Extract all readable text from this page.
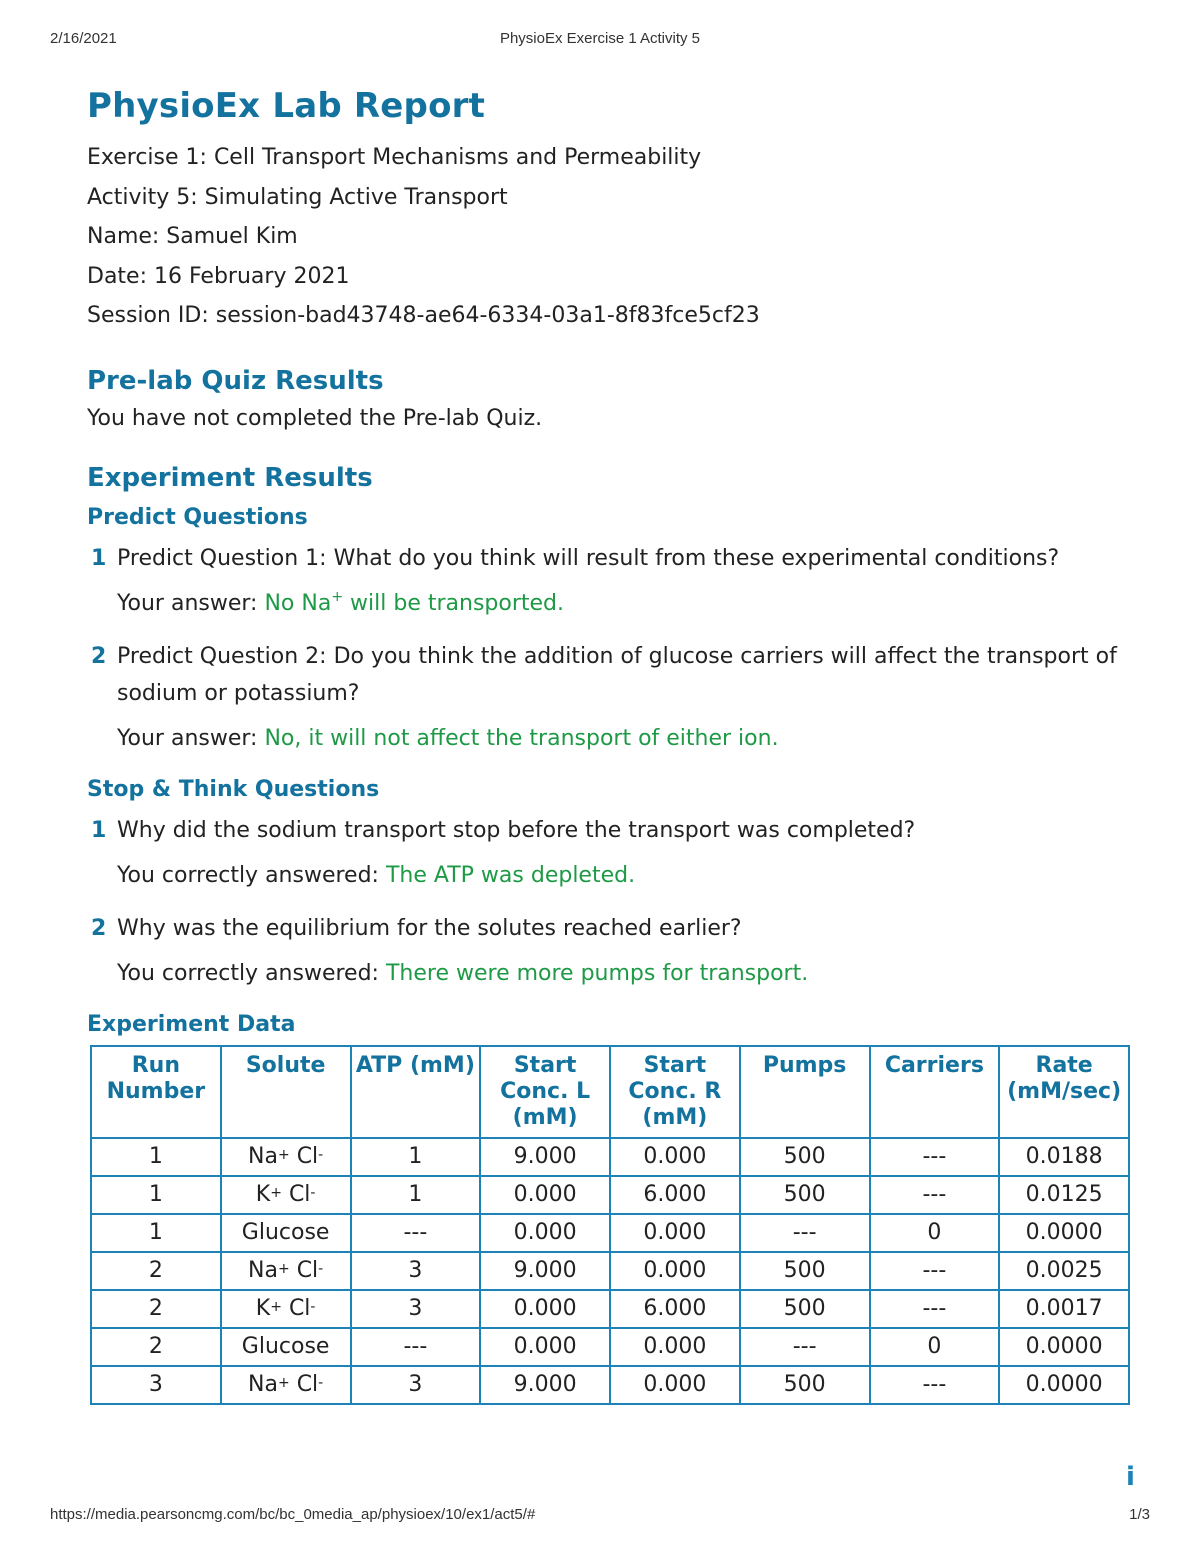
2/16/2021	PhysioEx Exercise 1 Activity 5
PhysioEx Lab Report

Exercise 1: Cell Transport Mechanisms and Permeability

Activity 5: Simulating Active Transport

Name: Samuel Kim

Date: 16 February 2021

Session ID: session-bad43748-ae64-6334-03a1-8f83fce5cf23

Pre-lab Quiz Results

You have not completed the Pre-lab Quiz.

Experiment Results
Predict Questions
1 Predict Question 1: What do you think will result from these experimental conditions?
Your answer: No Na+ will be transported.
2 Predict Question 2: Do you think the addition of glucose carriers will affect the transport of sodium or potassium?
Your answer: No, it will not affect the transport of either ion.
Stop & Think Questions
1 Why did the sodium transport stop before the transport was completed?
You correctly answered: The ATP was depleted.
2 Why was the equilibrium for the solutes reached earlier?
You correctly answered: There were more pumps for transport.
Experiment Data
Run Number	Solute	ATP (mM)	Start Conc. L (mM)	Start Conc. R (mM)	Pumps	Carriers	Rate (mM/sec)
1	Na+ Cl-	1	9.000	0.000	500	---	0.0188
1	K+ Cl-	1	0.000	6.000	500	---	0.0125
1	Glucose	---	0.000	0.000	---	0	0.0000
2	Na+ Cl-	3	9.000	0.000	500	---	0.0025
2	K+ Cl-	3	0.000	6.000	500	---	0.0017
2	Glucose	---	0.000	0.000	---	0	0.0000
3	Na+ Cl-	3	9.000	0.000	500	---	0.0000
i
https://media.pearsoncmg.com/bc/bc_0media_ap/physioex/10/ex1/act5/#	1/3
